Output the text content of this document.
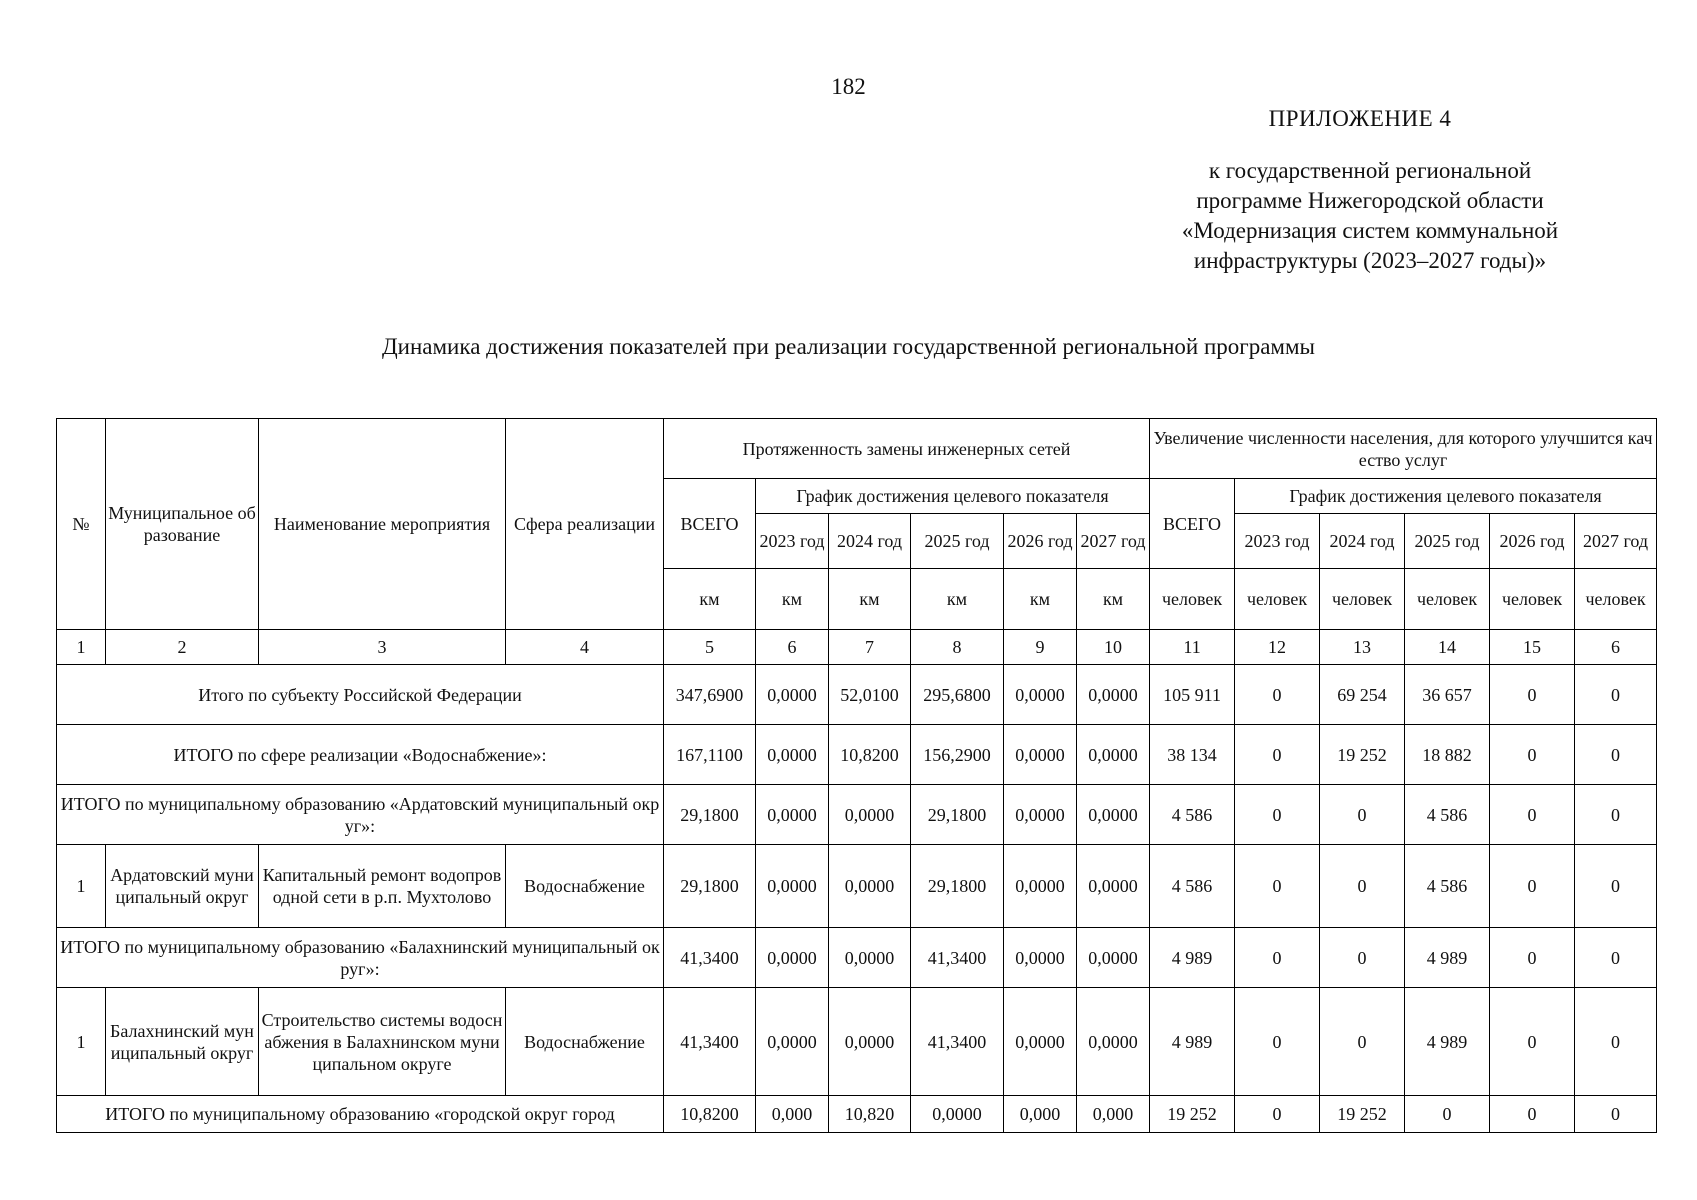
182
ПРИЛОЖЕНИЕ 4
к государственной региональной
программе Нижегородской области
«Модернизация систем коммунальной
инфраструктуры (2023–2027 годы)»
Динамика достижения показателей при реализации государственной региональной программы
№	Муниципальное образование	Наименование мероприятия	Сфера реализации	Протяженность замены инженерных сетей						Увеличение численности населения, для которого улучшится качество услуг					
				ВСЕГО	График достижения целевого показателя					ВСЕГО	График достижения целевого показателя				
					2023 год	2024 год	2025 год	2026 год	2027 год		2023 год	2024 год	2025 год	2026 год	2027 год
				км	км	км	км	км	км	человек	человек	человек	человек	человек	человек
1	2	3	4	5	6	7	8	9	10	11	12	13	14	15	6
Итого по субъекту Российской Федерации				347,6900	0,0000	52,0100	295,6800	0,0000	0,0000	105 911	0	69 254	36 657	0	0
ИТОГО по сфере реализации «Водоснабжение»:				167,1100	0,0000	10,8200	156,2900	0,0000	0,0000	38 134	0	19 252	18 882	0	0
ИТОГО по муниципальному образованию «Ардатовский муниципальный округ»:				29,1800	0,0000	0,0000	29,1800	0,0000	0,0000	4 586	0	0	4 586	0	0
1	Ардатовский муниципальный округ	Капитальный ремонт водопроводной сети в р.п. Мухтолово	Водоснабжение	29,1800	0,0000	0,0000	29,1800	0,0000	0,0000	4 586	0	0	4 586	0	0
ИТОГО по муниципальному образованию «Балахнинский муниципальный округ»:				41,3400	0,0000	0,0000	41,3400	0,0000	0,0000	4 989	0	0	4 989	0	0
1	Балахнинский муниципальный округ	Строительство системы водоснабжения в Балахнинском муниципальном округе	Водоснабжение	41,3400	0,0000	0,0000	41,3400	0,0000	0,0000	4 989	0	0	4 989	0	0
ИТОГО по муниципальному образованию «городской округ город				10,8200	0,000	10,820	0,0000	0,000	0,000	19 252	0	19 252	0	0	0
